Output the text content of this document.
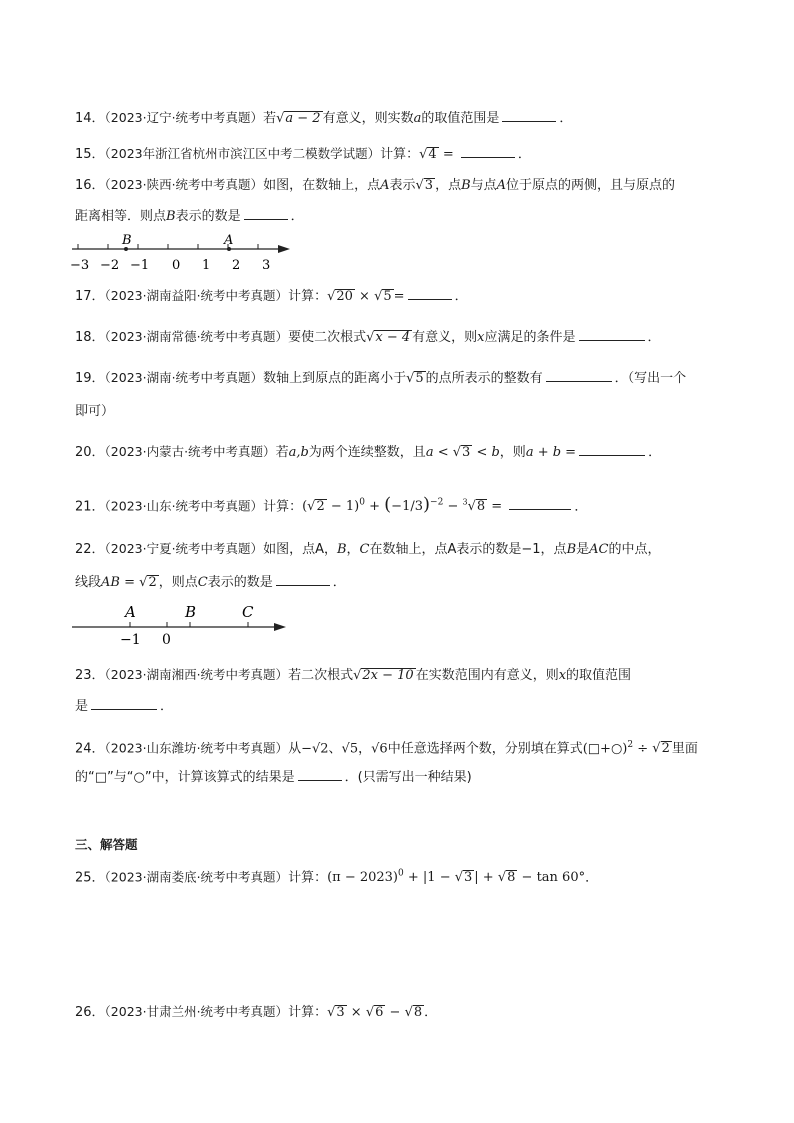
14．（2023·辽宁·统考中考真题）若√a − 2 有意义，则实数a的取值范围是	．
15．（2023年浙江省杭州市滨江区中考二模数学试题）计算：√4 =	．
16．（2023·陕西·统考中考真题）如图，在数轴上，点A表示√3 ，点B与点A位于原点的两侧，且与原点的
距离相等．则点B表示的数是	．
B	A
−3 −2 −1 0 1 2 3
17．（2023·湖南益阳·统考中考真题）计算：√20 × √5 =	．
18．（2023·湖南常德·统考中考真题）要使二次根式√x − 4 有意义，则x应满足的条件是	．
19．（2023·湖南·统考中考真题）数轴上到原点的距离小于√5 的点所表示的整数有	．（写出一个
即可）
20．（2023·内蒙古·统考中考真题）若a,b为两个连续整数，且a < √3 < b，则a + b =	．
21．（2023·山东·统考中考真题）计算：$(√2 - 1)^0 + (-1/3)^{-2} - ^3√8$ =	．
22．（2023·宁夏·统考中考真题）如图，点A，B，C在数轴上，点A表示的数是−1，点B是AC的中点，
线段AB = √2 ，则点C表示的数是	．
A	B	C
−1 0
23．（2023·湖南湘西·统考中考真题）若二次根式√2x − 10 在实数范围内有意义，则x的取值范围
是	．
24．（2023·山东潍坊·统考中考真题）从−√2、√5，√6中任意选择两个数，分别填在算式(□+○)$^2$ ÷ √2 里面
的“□”与“○”中，计算该算式的结果是	．(只需写出一种结果)
三、解答题
25．（2023·湖南娄底·统考中考真题）计算：$(\pi - 2023)^0 + |1 - √3$ | + √8 − tan 60°．
26．（2023·甘肃兰州·统考中考真题）计算：√3 × √6 − √8 ．
